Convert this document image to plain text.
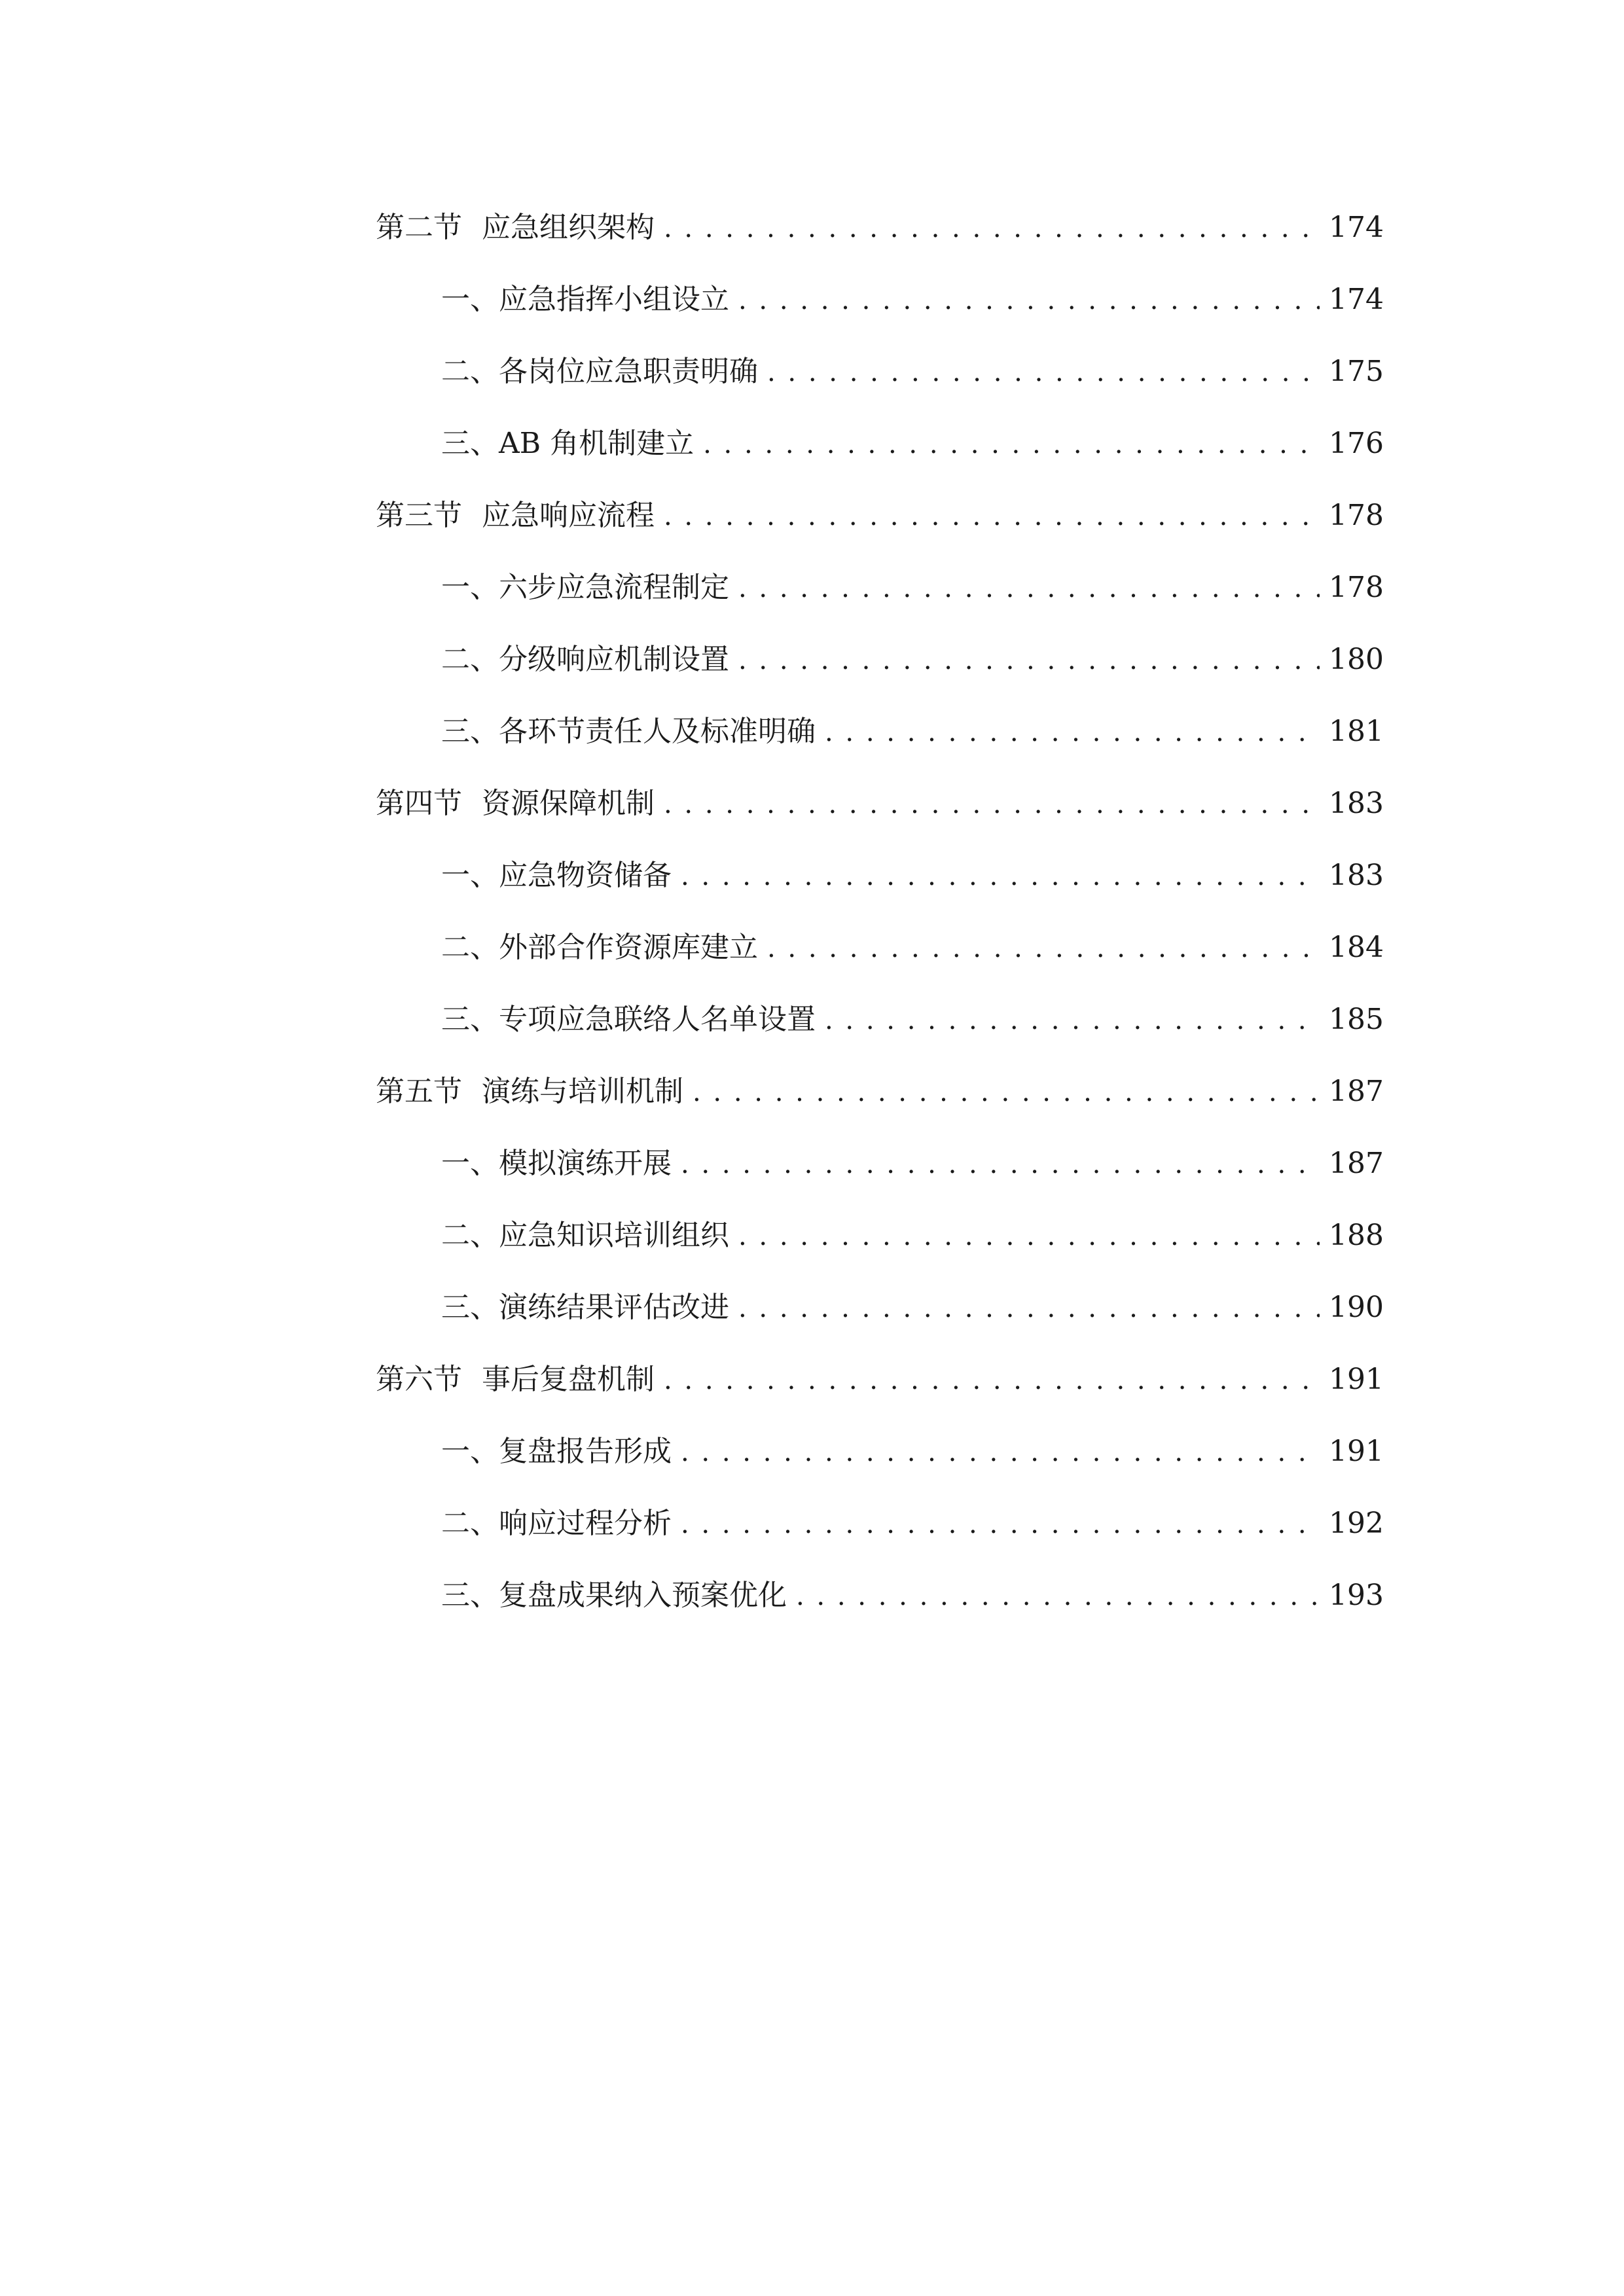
第二节 应急组织架构 . . .	174
一、 应急指挥小组设立 . . .	174
二、 各岗位应急职责明确 . . .	175
三、 AB 角机制建立 . . .	176
第三节 应急响应流程 . . .	178
一、 六步应急流程制定 . . .	178
二、 分级响应机制设置 . . .	180
三、 各环节责任人及标准明确 . . .	181
第四节 资源保障机制 . . .	183
一、 应急物资储备 . . .	183
二、 外部合作资源库建立 . . .	184
三、 专项应急联络人名单设置 . . .	185
第五节 演练与培训机制 . . .	187
一、 模拟演练开展 . . .	187
二、 应急知识培训组织 . . .	188
三、 演练结果评估改进 . . .	190
第六节 事后复盘机制 . . .	191
一、 复盘报告形成 . . .	191
二、 响应过程分析 . . .	192
三、 复盘成果纳入预案优化 . . .	193
